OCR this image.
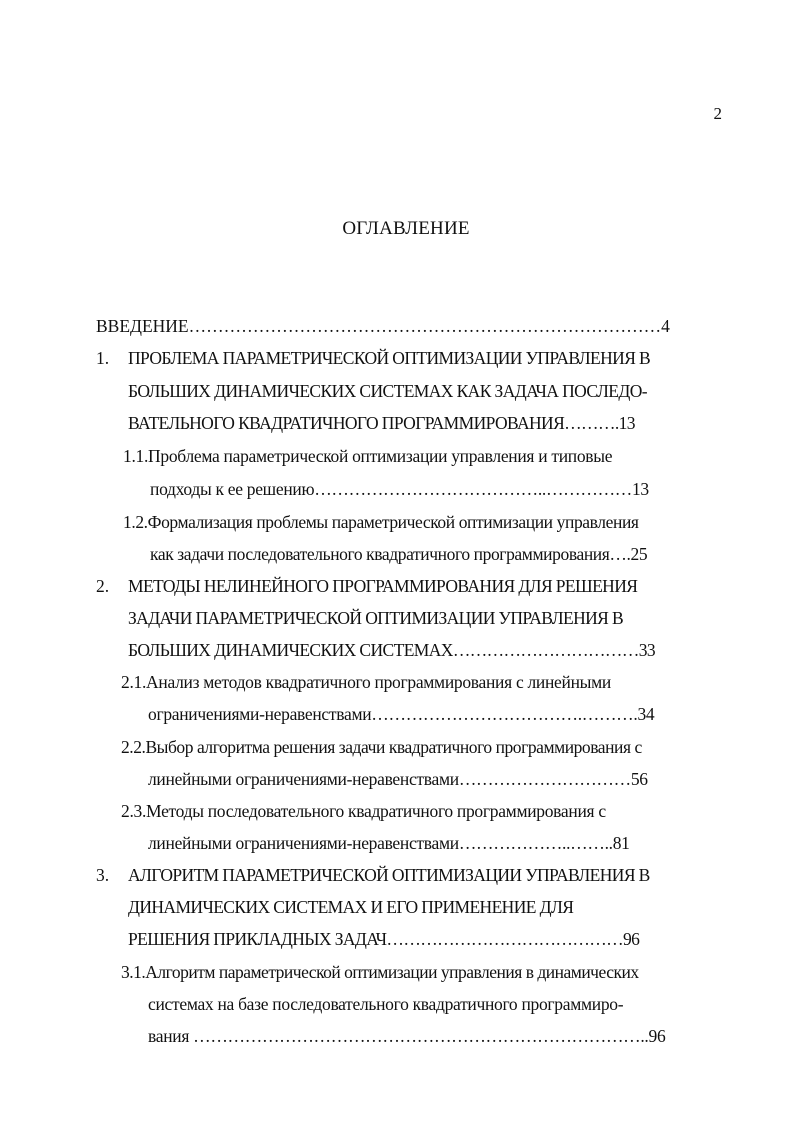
2
ОГЛАВЛЕНИЕ
ВВЕДЕНИЕ………………………………………………………………………4
1. ПРОБЛЕМА ПАРАМЕТРИЧЕСКОЙ ОПТИМИЗАЦИИ УПРАВЛЕНИЯ В
БОЛЬШИХ ДИНАМИЧЕСКИХ СИСТЕМАХ КАК ЗАДАЧА ПОСЛЕДО-
ВАТЕЛЬНОГО КВАДРАТИЧНОГО ПРОГРАММИРОВАНИЯ……….13
1.1.Проблема параметрической оптимизации управления и типовые
подходы к ее решению…………………………………..……………13
1.2.Формализация проблемы параметрической оптимизации управления
как задачи последовательного квадратичного программирования….25
2. МЕТОДЫ НЕЛИНЕЙНОГО ПРОГРАММИРОВАНИЯ ДЛЯ РЕШЕНИЯ
ЗАДАЧИ ПАРАМЕТРИЧЕСКОЙ ОПТИМИЗАЦИИ УПРАВЛЕНИЯ В
БОЛЬШИХ ДИНАМИЧЕСКИХ СИСТЕМАХ……………………………33
2.1.Анализ методов квадратичного программирования с линейными
ограничениями-неравенствами……………………………….……….34
2.2.Выбор алгоритма решения задачи квадратичного программирования с
линейными ограничениями-неравенствами…………………………56
2.3.Методы последовательного квадратичного программирования с
линейными ограничениями-неравенствами………………..……..81
3. АЛГОРИТМ ПАРАМЕТРИЧЕСКОЙ ОПТИМИЗАЦИИ УПРАВЛЕНИЯ В
ДИНАМИЧЕСКИХ СИСТЕМАХ И ЕГО ПРИМЕНЕНИЕ ДЛЯ
РЕШЕНИЯ ПРИКЛАДНЫХ ЗАДАЧ……………………………………96
3.1.Алгоритм параметрической оптимизации управления в динамических
системах на базе последовательного квадратичного программиро-
вания ……………………………………………………………………..96
